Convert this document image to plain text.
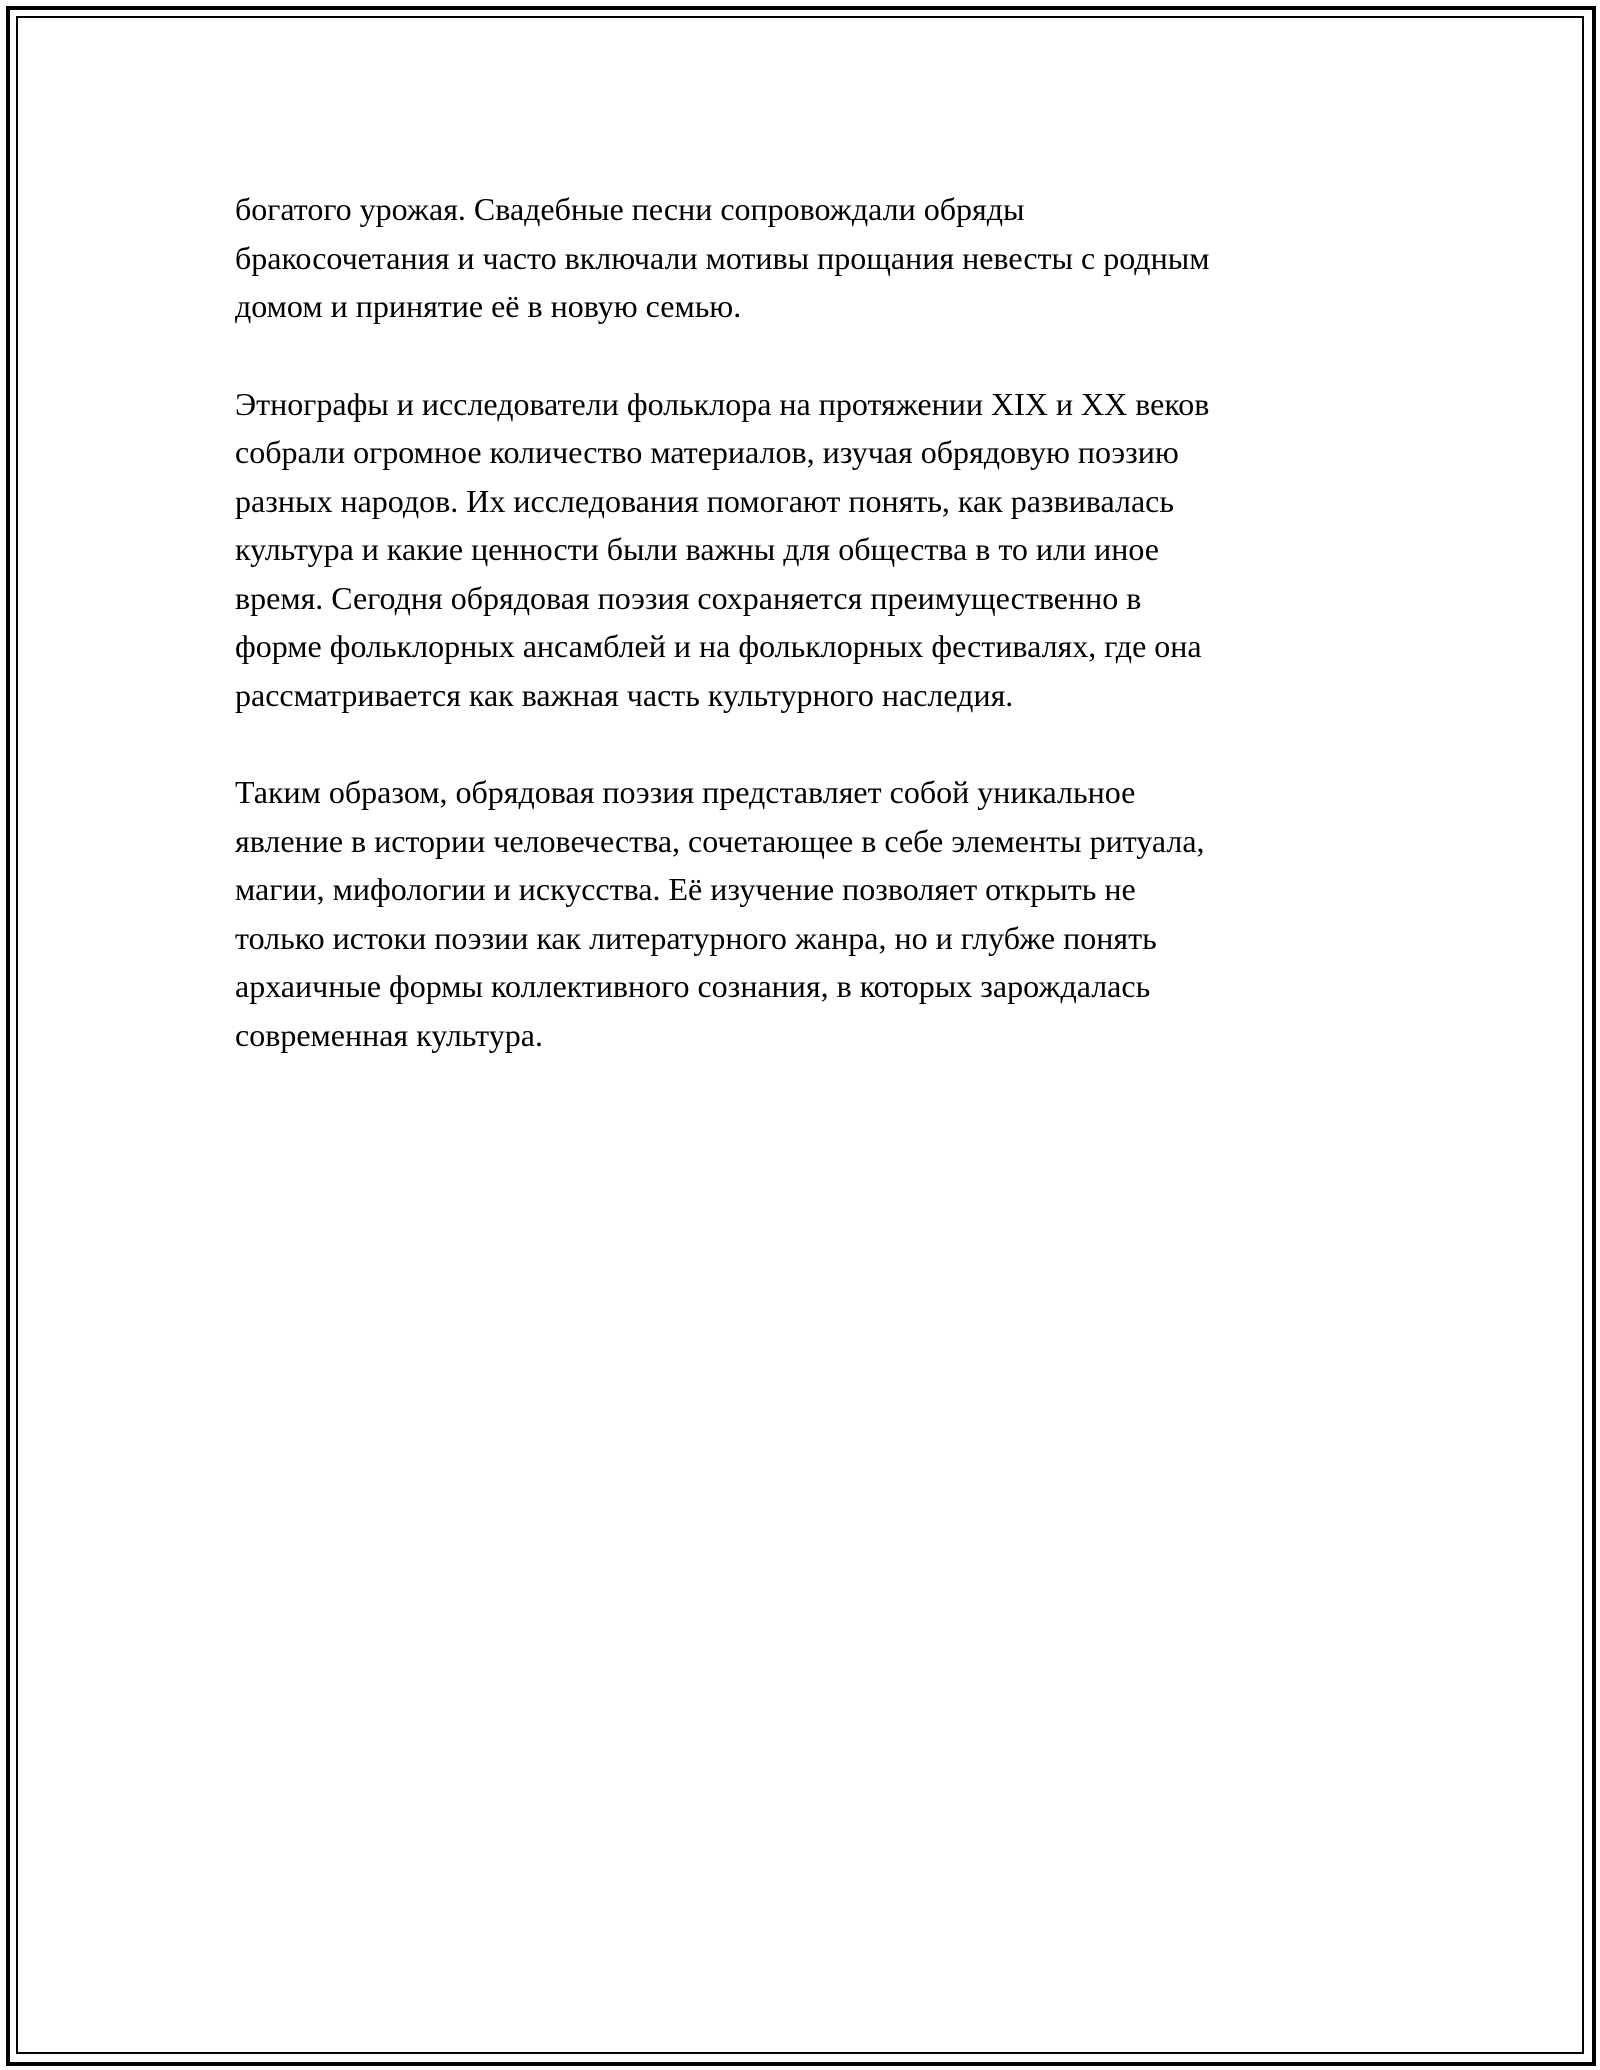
богатого урожая. Свадебные песни сопровождали обряды
бракосочетания и часто включали мотивы прощания невесты с родным
домом и принятие её в новую семью.

Этнографы и исследователи фольклора на протяжении XIX и XX веков
собрали огромное количество материалов, изучая обрядовую поэзию
разных народов. Их исследования помогают понять, как развивалась
культура и какие ценности были важны для общества в то или иное
время. Сегодня обрядовая поэзия сохраняется преимущественно в
форме фольклорных ансамблей и на фольклорных фестивалях, где она
рассматривается как важная часть культурного наследия.

Таким образом, обрядовая поэзия представляет собой уникальное
явление в истории человечества, сочетающее в себе элементы ритуала,
магии, мифологии и искусства. Её изучение позволяет открыть не
только истоки поэзии как литературного жанра, но и глубже понять
архаичные формы коллективного сознания, в которых зарождалась
современная культура.
